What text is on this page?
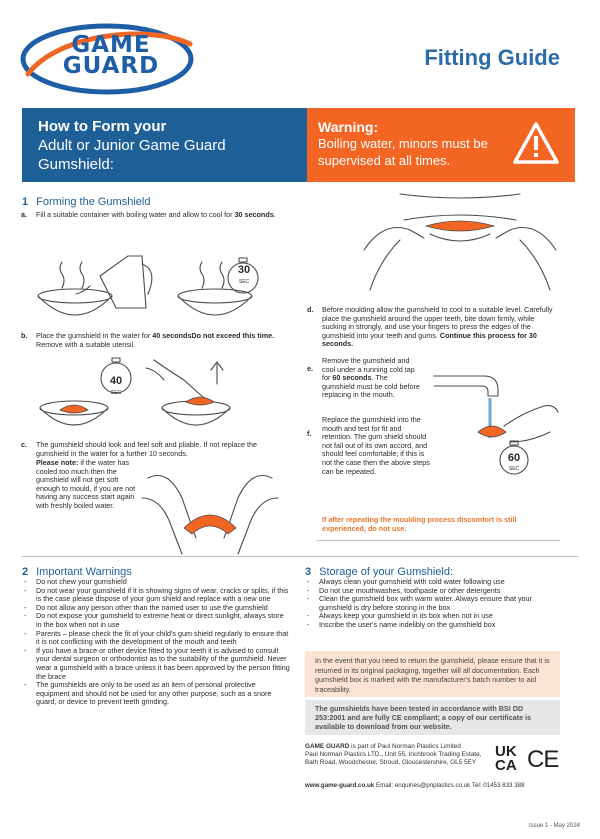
GAME
GUARD	Fitting Guide
How to Form your
Adult or Junior Game Guard
Gumshield:
Warning:
Boiling water, minors must be supervised at all times.
1 Forming the Gumshield
a. Fill a suitable container with boiling water and allow to cool for 30 seconds.
30
SEC
b. Place the gumshield in the water for 40 secondsDo not exceed this time. Remove with a suitable utensil.
40
SEC
c. The gumshield should look and feel soft and pliable. If not replace the gumshield in the water for a further 10 seconds.
Please note: if the water has cooled too much then the gumshield will not get soft enough to mould, if you are not having any success start again with freshly boiled water.
d. Before moulding allow the gumshield to cool to a suitable level. Carefully place the gumshield around the upper teeth, bite down firmly, while sucking in strongly, and use your fingers to press the edges of the gumshield into your teeth and gums. Continue this process for 30 seconds.
e.
Remove the gumshield and cool under a running cold tap for 60 seconds. The gumshield must be cold before replacing in the mouth.
f.
Replace the gumshield into the mouth and test for fit and retention. The gum shield should not fall out of its own accord, and should feel comfortable; if this is not the case then the above steps can be repeated.
60
SEC
If after repeating the moulding process discomfort is still experienced, do not use.
2 Important Warnings
- Do not chew your gumshield
- Do not wear your gumshield if it is showing signs of wear, cracks or splits, if this is the case please dispose of your gum shield and replace with a new one
- Do not allow any person other than the named user to use the gumshield
- Do not expose your gumshield to extreme heat or direct sunlight, always store in the box when not in use
- Parents – please check the fit of your child's gum shield regularly to ensure that it is not conflicting with the development of the mouth and teeth
- If you have a brace or other device fitted to your teeth it is advised to consult your dental surgeon or orthodontist as to the suitability of the gumshield. Never wear a gumshield with a brace unless it has been approved by the person fitting the brace
- The gumshields are only to be used as an item of personal protective equipment and should not be used for any other purpose, such as a snore guard, or device to prevent teeth grinding.
3 Storage of your Gumshield:
- Always clean your gumshield with cold water following use
- Do not use mouthwashes, toothpaste or other detergents
- Clean the gumshield box with warm water. Always ensure that your gumshield is dry before storing in the box
- Always keep your gumshield in its box when not in use
- Inscribe the user's name indelibly on the gumshield box
In the event that you need to return the gumshield, please ensure that it is returned in its original packaging, together will all documentation. Each gumshield box is marked with the manufacturer's batch number to aid traceability.
The gumshields have been tested in accordance with BSI DD 253:2001 and are fully CE compliant; a copy of our certificate is available to download from our website.
GAME GUARD is part of Paul Norman Plastics Limited
Paul Norman Plastics LTD., Unit 55, Inchbrook Trading Estate, Bath Road, Woodchester, Stroud, Gloucestershire, GL5 5EY
UK
CA CE
www.game-guard.co.uk Email: enquiries@pnplastics.co.uk Tel: 01453 833 388
Issue 1 - May 2024
